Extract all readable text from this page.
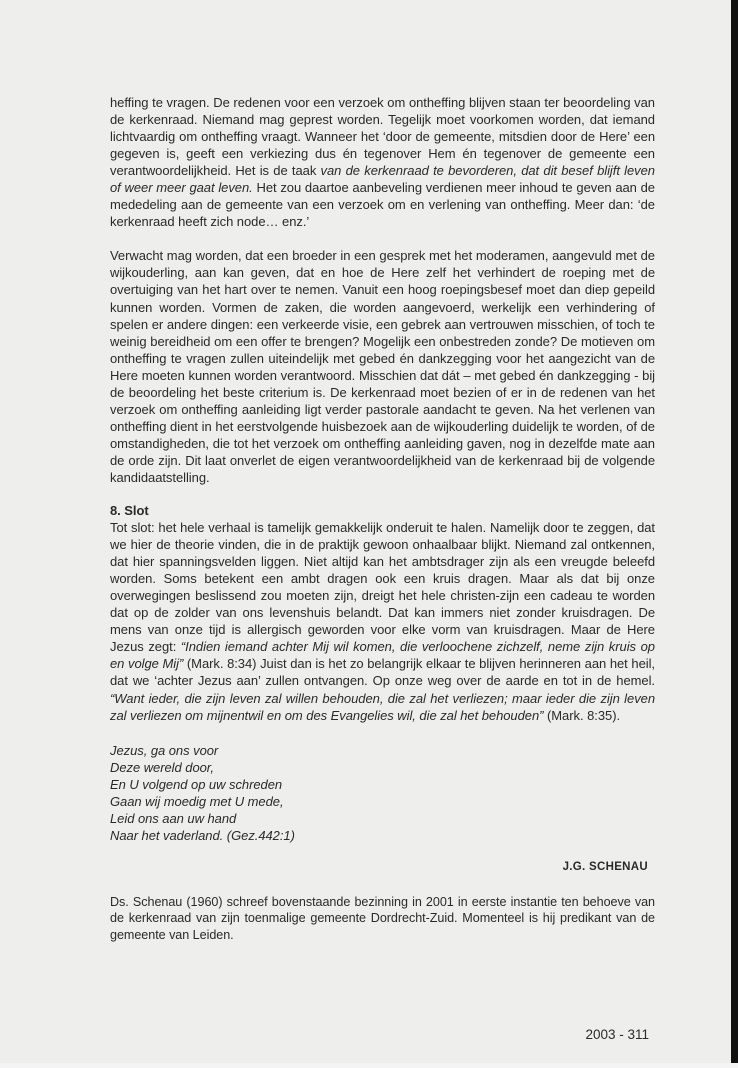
heffing te vragen. De redenen voor een verzoek om ontheffing blijven staan ter beoordeling van de kerkenraad. Niemand mag geprest worden. Tegelijk moet voorkomen worden, dat iemand lichtvaardig om ontheffing vraagt. Wanneer het ‘door de gemeente, mitsdien door de Here’ een gegeven is, geeft een verkiezing dus én tegenover Hem én tegenover de gemeente een verantwoordelijkheid. Het is de taak van de kerkenraad te bevorderen, dat dit besef blijft leven of weer meer gaat leven. Het zou daartoe aanbeveling verdienen meer inhoud te geven aan de mededeling aan de gemeente van een verzoek om en verlening van ontheffing. Meer dan: ‘de kerkenraad heeft zich node… enz.’

Verwacht mag worden, dat een broeder in een gesprek met het moderamen, aangevuld met de wijkouderling, aan kan geven, dat en hoe de Here zelf het verhindert de roeping met de overtuiging van het hart over te nemen. Vanuit een hoog roepingsbesef moet dan diep gepeild kunnen worden. Vormen de zaken, die worden aangevoerd, werkelijk een verhindering of spelen er andere dingen: een verkeerde visie, een gebrek aan vertrouwen misschien, of toch te weinig bereidheid om een offer te brengen? Mogelijk een onbestreden zonde? De motieven om ontheffing te vragen zullen uiteindelijk met gebed én dankzegging voor het aangezicht van de Here moeten kunnen worden verantwoord. Misschien dat dát – met gebed én dankzegging - bij de beoordeling het beste criterium is. De kerkenraad moet bezien of er in de redenen van het verzoek om ontheffing aanleiding ligt verder pastorale aandacht te geven. Na het verlenen van ontheffing dient in het eerstvolgende huisbezoek aan de wijkouderling duidelijk te worden, of de omstandigheden, die tot het verzoek om ontheffing aanleiding gaven, nog in dezelfde mate aan de orde zijn. Dit laat onverlet de eigen verantwoordelijkheid van de kerkenraad bij de volgende kandidaatstelling.

8. Slot

Tot slot: het hele verhaal is tamelijk gemakkelijk onderuit te halen. Namelijk door te zeggen, dat we hier de theorie vinden, die in de praktijk gewoon onhaalbaar blijkt. Niemand zal ontkennen, dat hier spanningsvelden liggen. Niet altijd kan het ambtsdrager zijn als een vreugde beleefd worden. Soms betekent een ambt dragen ook een kruis dragen. Maar als dat bij onze overwegingen beslissend zou moeten zijn, dreigt het hele christen-zijn een cadeau te worden dat op de zolder van ons levenshuis belandt. Dat kan immers niet zonder kruisdragen. De mens van onze tijd is allergisch geworden voor elke vorm van kruisdragen. Maar de Here Jezus zegt: “Indien iemand achter Mij wil komen, die verloochene zichzelf, neme zijn kruis op en volge Mij” (Mark. 8:34) Juist dan is het zo belangrijk elkaar te blijven herinneren aan het heil, dat we ‘achter Jezus aan’ zullen ontvangen. Op onze weg over de aarde en tot in de hemel. “Want ieder, die zijn leven zal willen behouden, die zal het verliezen; maar ieder die zijn leven zal verliezen om mijnentwil en om des Evangelies wil, die zal het behouden” (Mark. 8:35).

Jezus, ga ons voor
Deze wereld door,
En U volgend op uw schreden
Gaan wij moedig met U mede,
Leid ons aan uw hand
Naar het vaderland. (Gez.442:1)
J.G. SCHENAU

Ds. Schenau (1960) schreef bovenstaande bezinning in 2001 in eerste instantie ten behoeve van de kerkenraad van zijn toenmalige gemeente Dordrecht-Zuid. Momenteel is hij predikant van de gemeente van Leiden.

2003 - 311
